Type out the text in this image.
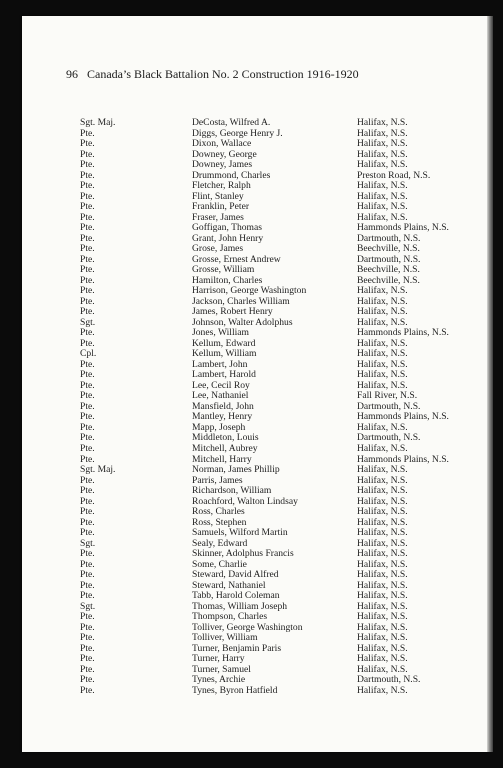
96 Canada’s Black Battalion No. 2 Construction 1916-1920
Sgt. Maj.	DeCosta, Wilfred A.	Halifax, N.S.
Pte.	Diggs, George Henry J.	Halifax, N.S.
Pte.	Dixon, Wallace	Halifax, N.S.
Pte.	Downey, George	Halifax, N.S.
Pte.	Downey, James	Halifax, N.S.
Pte.	Drummond, Charles	Preston Road, N.S.
Pte.	Fletcher, Ralph	Halifax, N.S.
Pte.	Flint, Stanley	Halifax, N.S.
Pte.	Franklin, Peter	Halifax, N.S.
Pte.	Fraser, James	Halifax, N.S.
Pte.	Goffigan, Thomas	Hammonds Plains, N.S.
Pte.	Grant, John Henry	Dartmouth, N.S.
Pte.	Grose, James	Beechville, N.S.
Pte.	Grosse, Ernest Andrew	Dartmouth, N.S.
Pte.	Grosse, William	Beechville, N.S.
Pte.	Hamilton, Charles	Beechville, N.S.
Pte.	Harrison, George Washington	Halifax, N.S.
Pte.	Jackson, Charles William	Halifax, N.S.
Pte.	James, Robert Henry	Halifax, N.S.
Sgt.	Johnson, Walter Adolphus	Halifax, N.S.
Pte.	Jones, William	Hammonds Plains, N.S.
Pte.	Kellum, Edward	Halifax, N.S.
Cpl.	Kellum, William	Halifax, N.S.
Pte.	Lambert, John	Halifax, N.S.
Pte.	Lambert, Harold	Halifax, N.S.
Pte.	Lee, Cecil Roy	Halifax, N.S.
Pte.	Lee, Nathaniel	Fall River, N.S.
Pte.	Mansfield, John	Dartmouth, N.S.
Pte.	Mantley, Henry	Hammonds Plains, N.S.
Pte.	Mapp, Joseph	Halifax, N.S.
Pte.	Middleton, Louis	Dartmouth, N.S.
Pte.	Mitchell, Aubrey	Halifax, N.S.
Pte.	Mitchell, Harry	Hammonds Plains, N.S.
Sgt. Maj.	Norman, James Phillip	Halifax, N.S.
Pte.	Parris, James	Halifax, N.S.
Pte.	Richardson, William	Halifax, N.S.
Pte.	Roachford, Walton Lindsay	Halifax, N.S.
Pte.	Ross, Charles	Halifax, N.S.
Pte.	Ross, Stephen	Halifax, N.S.
Pte.	Samuels, Wilford Martin	Halifax, N.S.
Sgt.	Sealy, Edward	Halifax, N.S.
Pte.	Skinner, Adolphus Francis	Halifax, N.S.
Pte.	Some, Charlie	Halifax, N.S.
Pte.	Steward, David Alfred	Halifax, N.S.
Pte.	Steward, Nathaniel	Halifax, N.S.
Pte.	Tabb, Harold Coleman	Halifax, N.S.
Sgt.	Thomas, William Joseph	Halifax, N.S.
Pte.	Thompson, Charles	Halifax, N.S.
Pte.	Tolliver, George Washington	Halifax, N.S.
Pte.	Tolliver, William	Halifax, N.S.
Pte.	Turner, Benjamin Paris	Halifax, N.S.
Pte.	Turner, Harry	Halifax, N.S.
Pte.	Turner, Samuel	Halifax, N.S.
Pte.	Tynes, Archie	Dartmouth, N.S.
Pte.	Tynes, Byron Hatfield	Halifax, N.S.
